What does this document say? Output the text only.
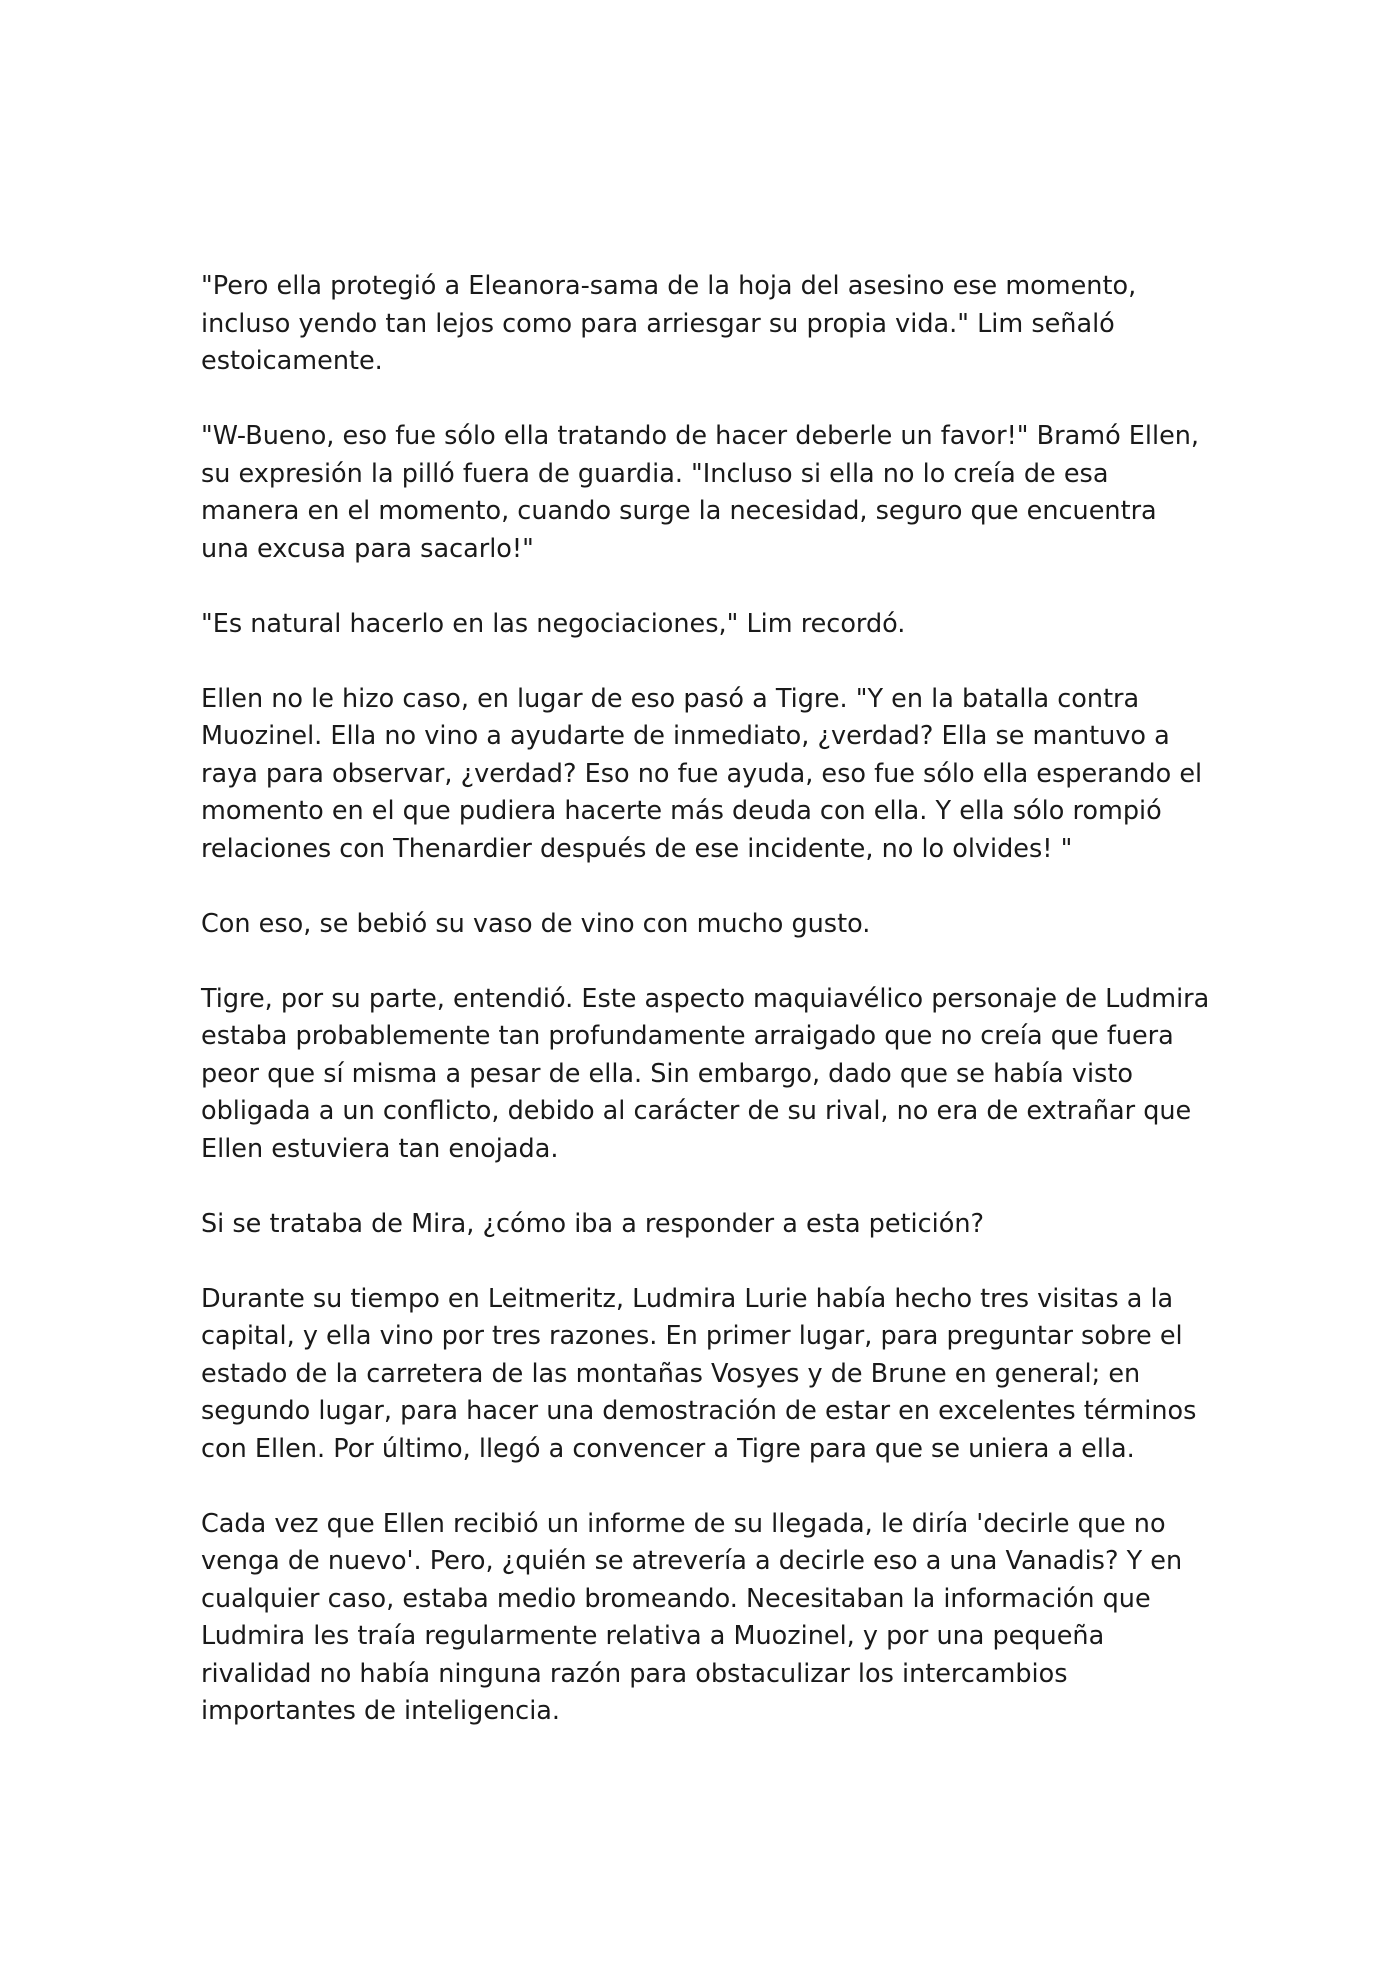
"Pero ella protegió a Eleanora-sama de la hoja del asesino ese momento, incluso yendo tan lejos como para arriesgar su propia vida." Lim señaló estoicamente.

"W-Bueno, eso fue sólo ella tratando de hacer deberle un favor!" Bramó Ellen, su expresión la pilló fuera de guardia. "Incluso si ella no lo creía de esa manera en el momento, cuando surge la necesidad, seguro que encuentra una excusa para sacarlo!"

"Es natural hacerlo en las negociaciones," Lim recordó.

Ellen no le hizo caso, en lugar de eso pasó a Tigre. "Y en la batalla contra Muozinel. Ella no vino a ayudarte de inmediato, ¿verdad? Ella se mantuvo a raya para observar, ¿verdad? Eso no fue ayuda, eso fue sólo ella esperando el momento en el que pudiera hacerte más deuda con ella. Y ella sólo rompió relaciones con Thenardier después de ese incidente, no lo olvides! "

Con eso, se bebió su vaso de vino con mucho gusto.

Tigre, por su parte, entendió. Este aspecto maquiavélico personaje de Ludmira estaba probablemente tan profundamente arraigado que no creía que fuera peor que sí misma a pesar de ella. Sin embargo, dado que se había visto obligada a un conflicto, debido al carácter de su rival, no era de extrañar que Ellen estuviera tan enojada.

Si se trataba de Mira, ¿cómo iba a responder a esta petición?

Durante su tiempo en Leitmeritz, Ludmira Lurie había hecho tres visitas a la capital, y ella vino por tres razones. En primer lugar, para preguntar sobre el estado de la carretera de las montañas Vosyes y de Brune en general; en segundo lugar, para hacer una demostración de estar en excelentes términos con Ellen. Por último, llegó a convencer a Tigre para que se uniera a ella.

Cada vez que Ellen recibió un informe de su llegada, le diría 'decirle que no venga de nuevo'. Pero, ¿quién se atrevería a decirle eso a una Vanadis? Y en cualquier caso, estaba medio bromeando. Necesitaban la información que Ludmira les traía regularmente relativa a Muozinel, y por una pequeña rivalidad no había ninguna razón para obstaculizar los intercambios importantes de inteligencia.
